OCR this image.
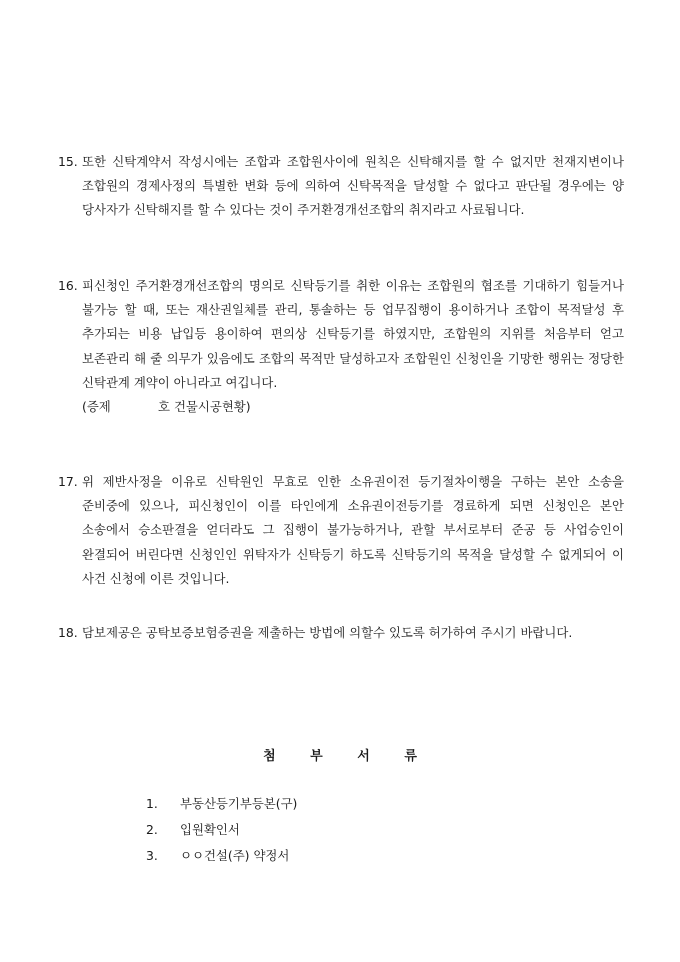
15. 또한 신탁계약서 작성시에는 조합과 조합원사이에 원칙은 신탁해지를 할 수 없지만 천재지변이나 조합원의 경제사정의 특별한 변화 등에 의하여 신탁목적을 달성할 수 없다고 판단될 경우에는 양 당사자가 신탁해지를 할 수 있다는 것이 주거환경개선조합의 취지라고 사료됩니다.
16. 피신청인 주거환경개선조합의 명의로 신탁등기를 취한 이유는 조합원의 협조를 기대하기 힘들거나 불가능 할 때, 또는 재산권일체를 관리, 통솔하는 등 업무집행이 용이하거나 조합이 목적달성 후 추가되는 비용 납입등 용이하여 편의상 신탁등기를 하였지만, 조합원의 지위를 처음부터 얻고 보존관리 해 줄 의무가 있음에도 조합의 목적만 달성하고자 조합원인 신청인을 기망한 행위는 정당한 신탁관계 계약이 아니라고 여깁니다.
(증제            호 건물시공현황)
17. 위 제반사정을 이유로 신탁원인 무효로 인한 소유권이전 등기절차이행을 구하는 본안 소송을 준비중에 있으나, 피신청인이 이를 타인에게 소유권이전등기를 경료하게 되면 신청인은 본안 소송에서 승소판결을 얻더라도 그 집행이 불가능하거나, 관할 부서로부터 준공 등 사업승인이 완결되어 버린다면 신청인인 위탁자가 신탁등기 하도록 신탁등기의 목적을 달성할 수 없게되어 이 사건 신청에 이른 것입니다.
18. 담보제공은 공탁보증보험증권을 제출하는 방법에 의할수 있도록 허가하여 주시기 바랍니다.
첨 부 서 류
1.	부동산등기부등본(구)
2.	입원확인서
3.	ㅇㅇ건설(주) 약정서
